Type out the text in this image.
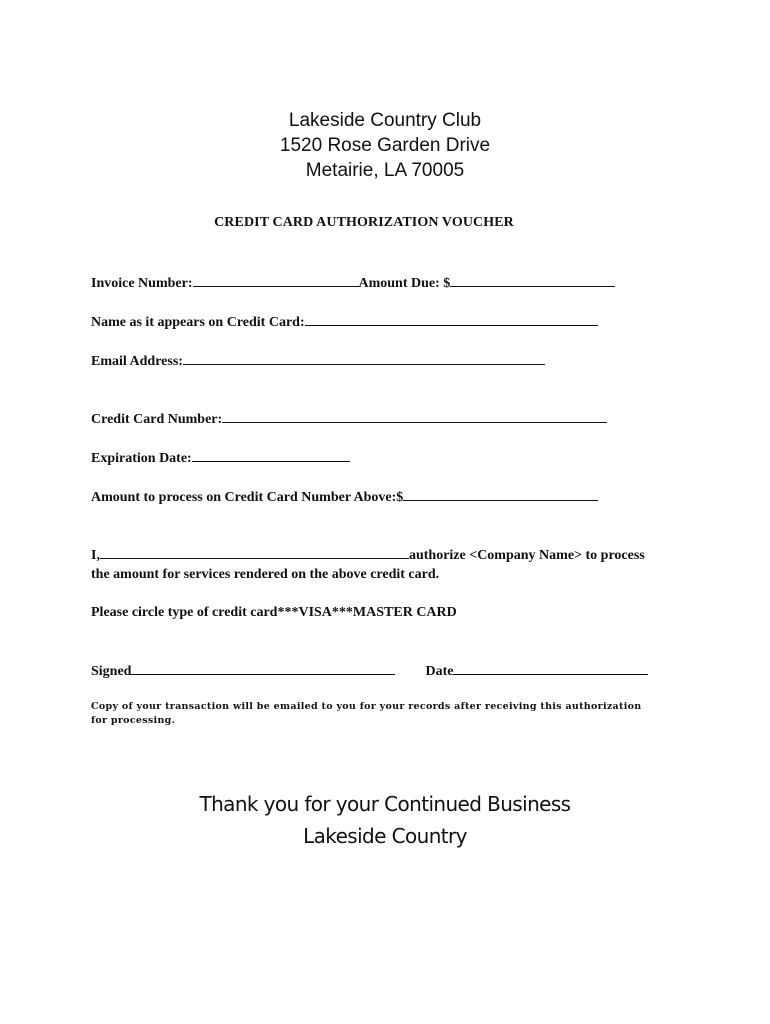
Lakeside Country Club
1520 Rose Garden Drive
Metairie, LA 70005
CREDIT CARD AUTHORIZATION VOUCHER
Invoice Number:	Amount Due: $
Name as it appears on Credit Card:
Email Address:
Credit Card Number:
Expiration Date:
Amount to process on Credit Card Number Above:$
I,	authorize <Company Name> to process
the amount for services rendered on the above credit card.
Please circle type of credit card***VISA***MASTER CARD
Signed	Date
Copy of your transaction will be emailed to you for your records after receiving this authorization for processing.
Thank you for your Continued Business
Lakeside Country
